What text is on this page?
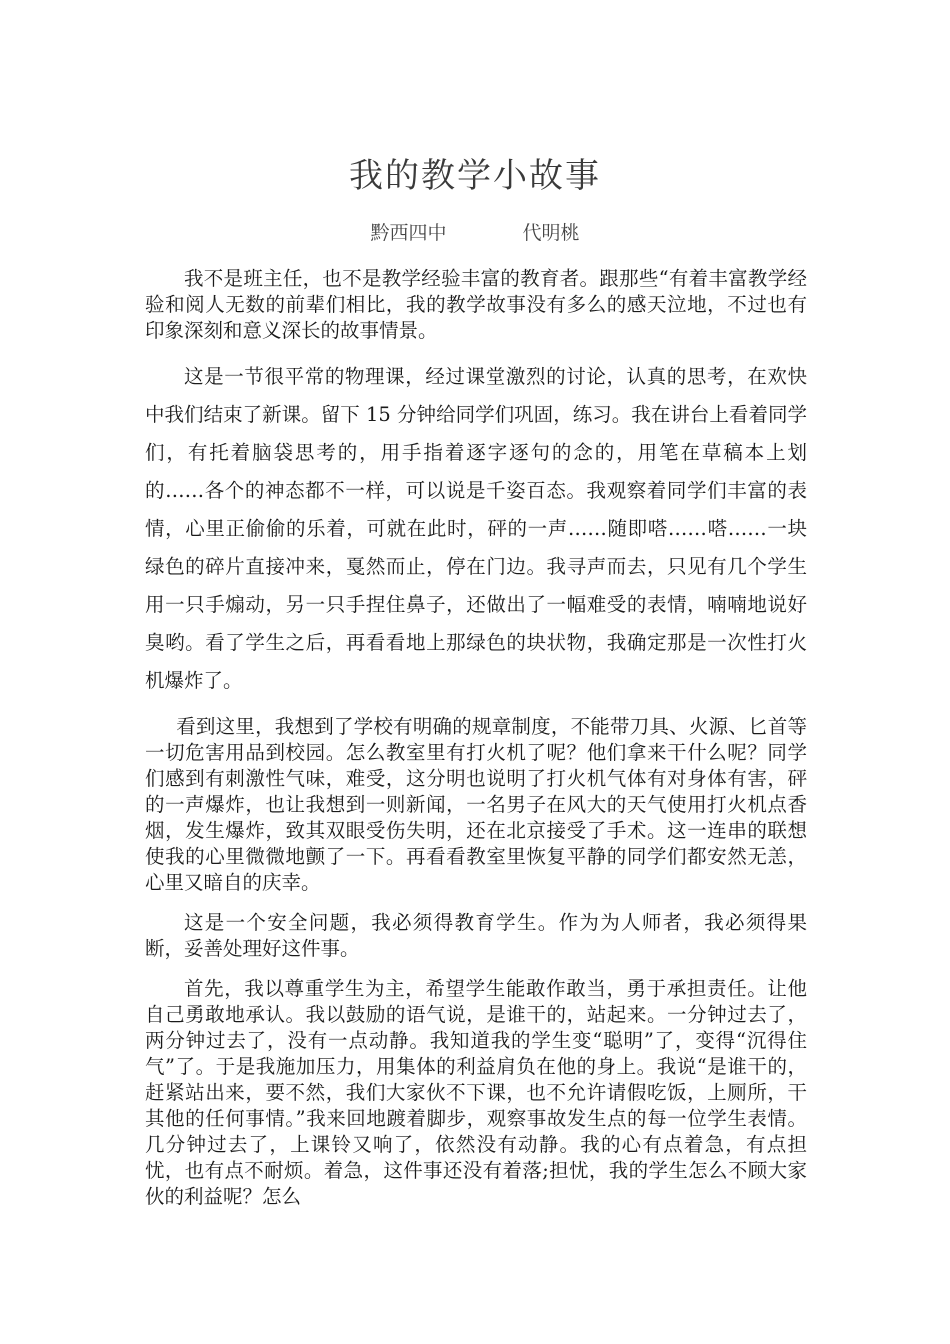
我的教学小故事
黔西四中	代明桃

我不是班主任，也不是教学经验丰富的教育者。跟那些“有着丰富教学经验和阅人无数的前辈们相比，我的教学故事没有多么的感天泣地，不过也有印象深刻和意义深长的故事情景。

这是一节很平常的物理课，经过课堂激烈的讨论，认真的思考，在欢快中我们结束了新课。留下 15 分钟给同学们巩固，练习。我在讲台上看着同学们，有托着脑袋思考的，用手指着逐字逐句的念的，用笔在草稿本上划的……各个的神态都不一样，可以说是千姿百态。我观察着同学们丰富的表情，心里正偷偷的乐着，可就在此时，砰的一声……随即嗒……嗒……一块绿色的碎片直接冲来，戛然而止，停在门边。我寻声而去，只见有几个学生用一只手煽动，另一只手捏住鼻子，还做出了一幅难受的表情，喃喃地说好臭哟。看了学生之后，再看看地上那绿色的块状物，我确定那是一次性打火机爆炸了。

看到这里，我想到了学校有明确的规章制度，不能带刀具、火源、匕首等一切危害用品到校园。怎么教室里有打火机了呢？他们拿来干什么呢？同学们感到有刺激性气味，难受，这分明也说明了打火机气体有对身体有害，砰的一声爆炸，也让我想到一则新闻，一名男子在风大的天气使用打火机点香烟，发生爆炸，致其双眼受伤失明，还在北京接受了手术。这一连串的联想使我的心里微微地颤了一下。再看看教室里恢复平静的同学们都安然无恙，心里又暗自的庆幸。

这是一个安全问题，我必须得教育学生。作为为人师者，我必须得果断，妥善处理好这件事。

首先，我以尊重学生为主，希望学生能敢作敢当，勇于承担责任。让他自己勇敢地承认。我以鼓励的语气说，是谁干的，站起来。一分钟过去了，两分钟过去了，没有一点动静。我知道我的学生变“聪明”了，变得“沉得住气”了。于是我施加压力，用集体的利益肩负在他的身上。我说“是谁干的，赶紧站出来，要不然，我们大家伙不下课，也不允许请假吃饭，上厕所，干其他的任何事情。”我来回地踱着脚步，观察事故发生点的每一位学生表情。几分钟过去了，上课铃又响了，依然没有动静。我的心有点着急，有点担忧，也有点不耐烦。着急，这件事还没有着落;担忧，我的学生怎么不顾大家伙的利益呢？怎么
